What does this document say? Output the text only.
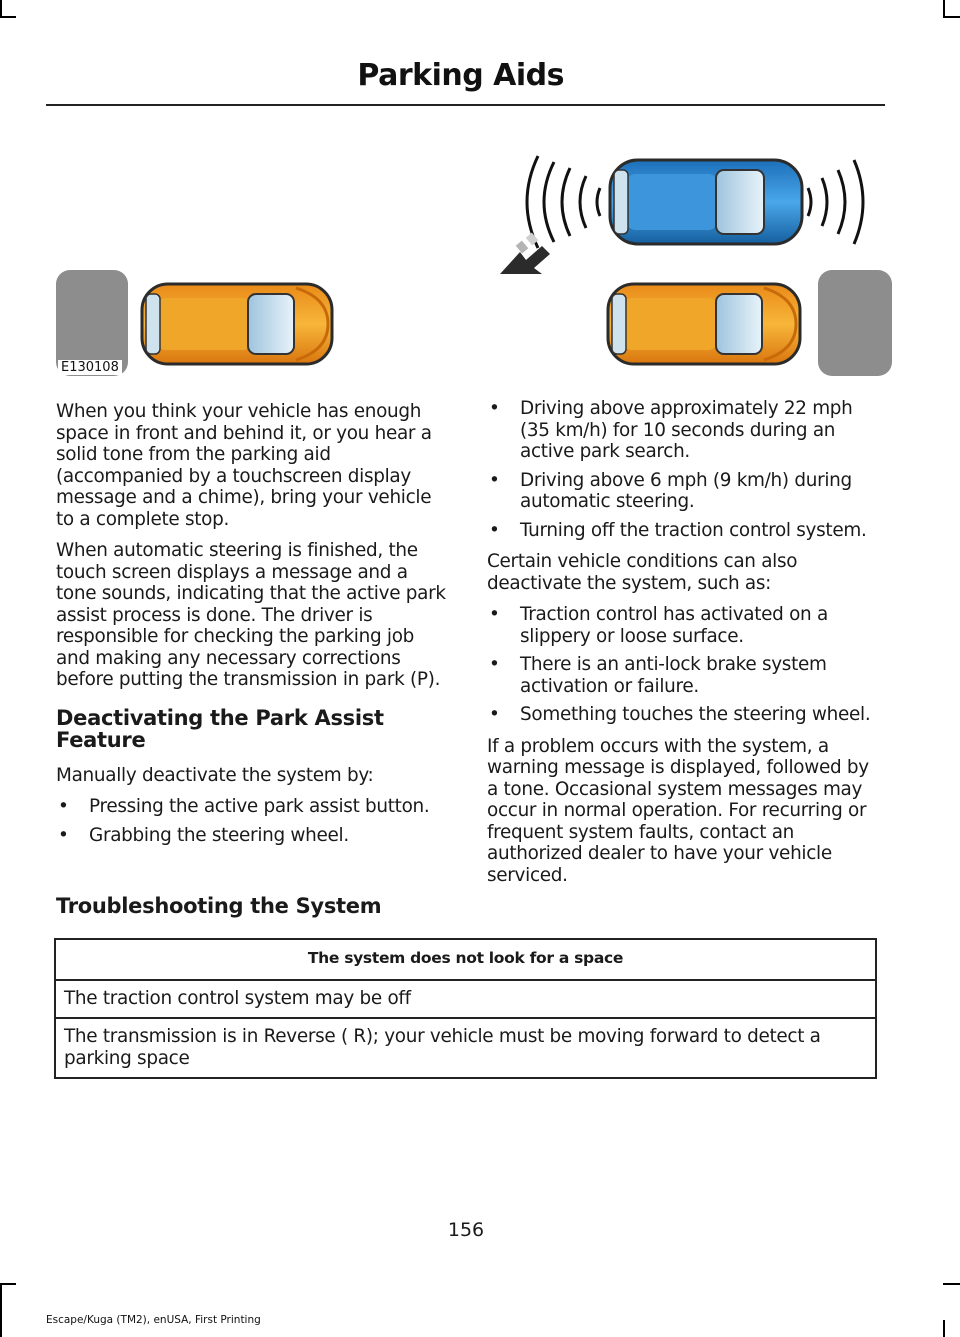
Parking Aids
E130108

When you think your vehicle has enough space in front and behind it, or you hear a solid tone from the parking aid (accompanied by a touchscreen display message and a chime), bring your vehicle to a complete stop.

When automatic steering is finished, the touch screen displays a message and a tone sounds, indicating that the active park assist process is done. The driver is responsible for checking the parking job and making any necessary corrections before putting the transmission in park (P).

Deactivating the Park Assist Feature

Manually deactivate the system by:

• Pressing the active park assist button.
• Grabbing the steering wheel.
• Driving above approximately 22 mph (35 km/h) for 10 seconds during an active park search.
• Driving above 6 mph (9 km/h) during automatic steering.
• Turning off the traction control system.

Certain vehicle conditions can also deactivate the system, such as:

• Traction control has activated on a slippery or loose surface.
• There is an anti-lock brake system activation or failure.
• Something touches the steering wheel.

If a problem occurs with the system, a warning message is displayed, followed by a tone. Occasional system messages may occur in normal operation. For recurring or frequent system faults, contact an authorized dealer to have your vehicle serviced.

Troubleshooting the System
The system does not look for a space
The traction control system may be off
The transmission is in Reverse ( R); your vehicle must be moving forward to detect a parking space
156
Escape/Kuga (TM2), enUSA, First Printing
